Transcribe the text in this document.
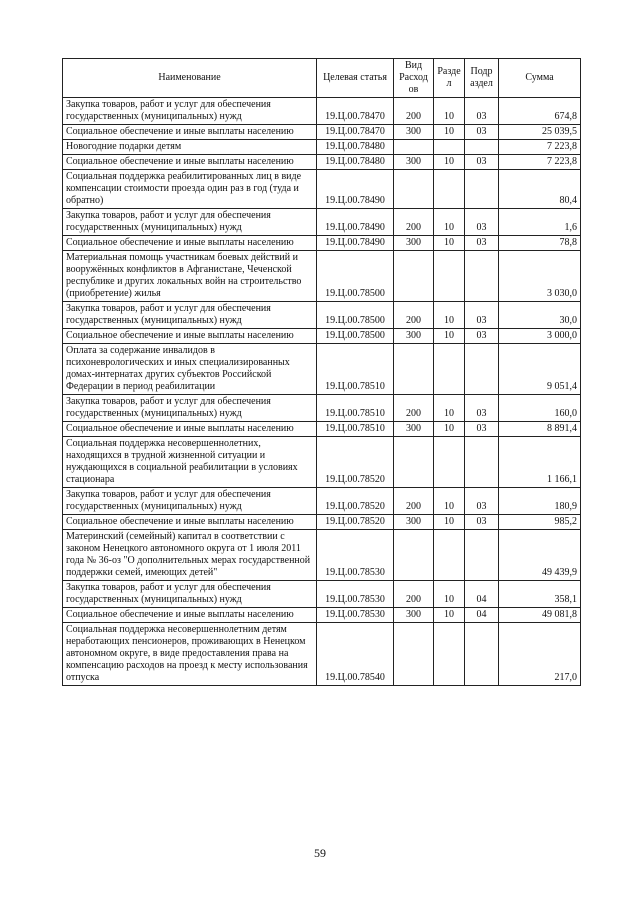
Наименование	Целевая статья	Вид Расход ов	Разде л	Подр аздел	Сумма
Закупка товаров, работ и услуг для обеспечения государственных (муниципальных) нужд	19.Ц.00.78470	200	10	03	674,8
Социальное обеспечение и иные выплаты населению	19.Ц.00.78470	300	10	03	25 039,5
Новогодние подарки детям	19.Ц.00.78480				7 223,8
Социальное обеспечение и иные выплаты населению	19.Ц.00.78480	300	10	03	7 223,8
Социальная поддержка реабилитированных лиц в виде компенсации стоимости проезда один раз в год (туда и обратно)	19.Ц.00.78490				80,4
Закупка товаров, работ и услуг для обеспечения государственных (муниципальных) нужд	19.Ц.00.78490	200	10	03	1,6
Социальное обеспечение и иные выплаты населению	19.Ц.00.78490	300	10	03	78,8
Материальная помощь участникам боевых действий и вооружённых конфликтов в Афганистане, Чеченской республике и других локальных войн на строительство (приобретение) жилья	19.Ц.00.78500				3 030,0
Закупка товаров, работ и услуг для обеспечения государственных (муниципальных) нужд	19.Ц.00.78500	200	10	03	30,0
Социальное обеспечение и иные выплаты населению	19.Ц.00.78500	300	10	03	3 000,0
Оплата за содержание инвалидов в психоневрологических и иных специализированных домах-интернатах других субъектов Российской Федерации в период реабилитации	19.Ц.00.78510				9 051,4
Закупка товаров, работ и услуг для обеспечения государственных (муниципальных) нужд	19.Ц.00.78510	200	10	03	160,0
Социальное обеспечение и иные выплаты населению	19.Ц.00.78510	300	10	03	8 891,4
Социальная поддержка несовершеннолетних, находящихся в трудной жизненной ситуации и нуждающихся в социальной реабилитации в условиях стационара	19.Ц.00.78520				1 166,1
Закупка товаров, работ и услуг для обеспечения государственных (муниципальных) нужд	19.Ц.00.78520	200	10	03	180,9
Социальное обеспечение и иные выплаты населению	19.Ц.00.78520	300	10	03	985,2
Материнский (семейный) капитал в соответствии с законом Ненецкого автономного округа от 1 июля 2011 года № 36-оз "О дополнительных мерах государственной поддержки семей, имеющих детей"	19.Ц.00.78530				49 439,9
Закупка товаров, работ и услуг для обеспечения государственных (муниципальных) нужд	19.Ц.00.78530	200	10	04	358,1
Социальное обеспечение и иные выплаты населению	19.Ц.00.78530	300	10	04	49 081,8
Социальная поддержка несовершеннолетним детям неработающих пенсионеров, проживающих в Ненецком автономном округе, в виде предоставления права на компенсацию расходов на проезд к месту использования отпуска	19.Ц.00.78540				217,0
59
